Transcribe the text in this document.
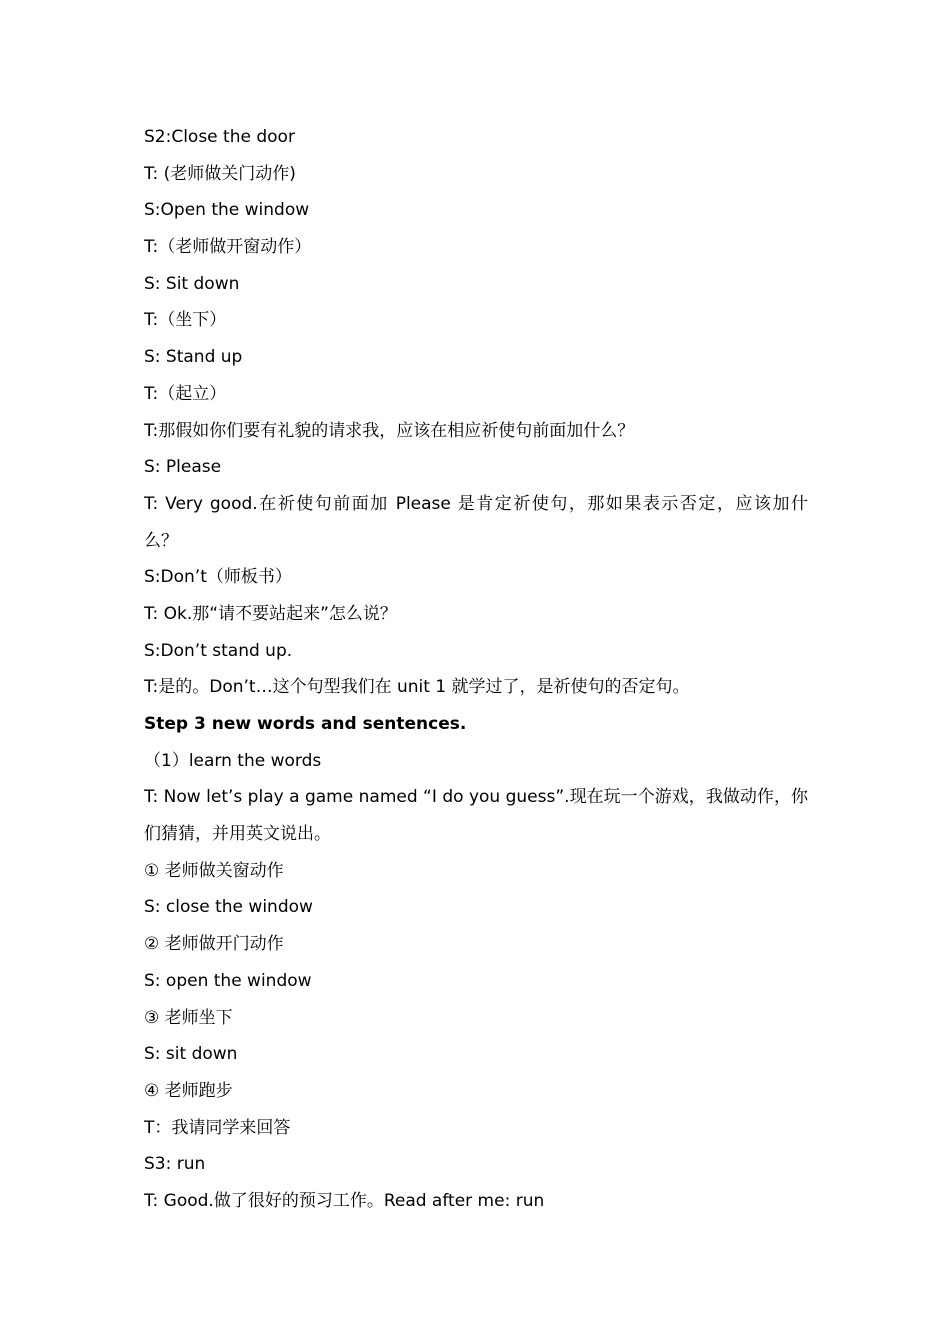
S2:Close the door
T: (老师做关门动作)
S:Open the window
T:（老师做开窗动作）
S: Sit down
T:（坐下）
S: Stand up
T:（起立）
T:那假如你们要有礼貌的请求我，应该在相应祈使句前面加什么？
S: Please
T: Very good.在祈使句前面加 Please 是肯定祈使句，那如果表示否定，应该加什
么？
S:Don’t（师板书）
T: Ok.那“请不要站起来”怎么说？
S:Don’t stand up.
T:是的。Don’t…这个句型我们在 unit 1 就学过了，是祈使句的否定句。
Step 3 new words and sentences.
（1）learn the words
T: Now let’s play a game named “I do you guess”.现在玩一个游戏，我做动作，你
们猜猜，并用英文说出。
① 老师做关窗动作
S: close the window
② 老师做开门动作
S: open the window
③ 老师坐下
S: sit down
④ 老师跑步
T：我请同学来回答
S3: run
T: Good.做了很好的预习工作。Read after me: run
